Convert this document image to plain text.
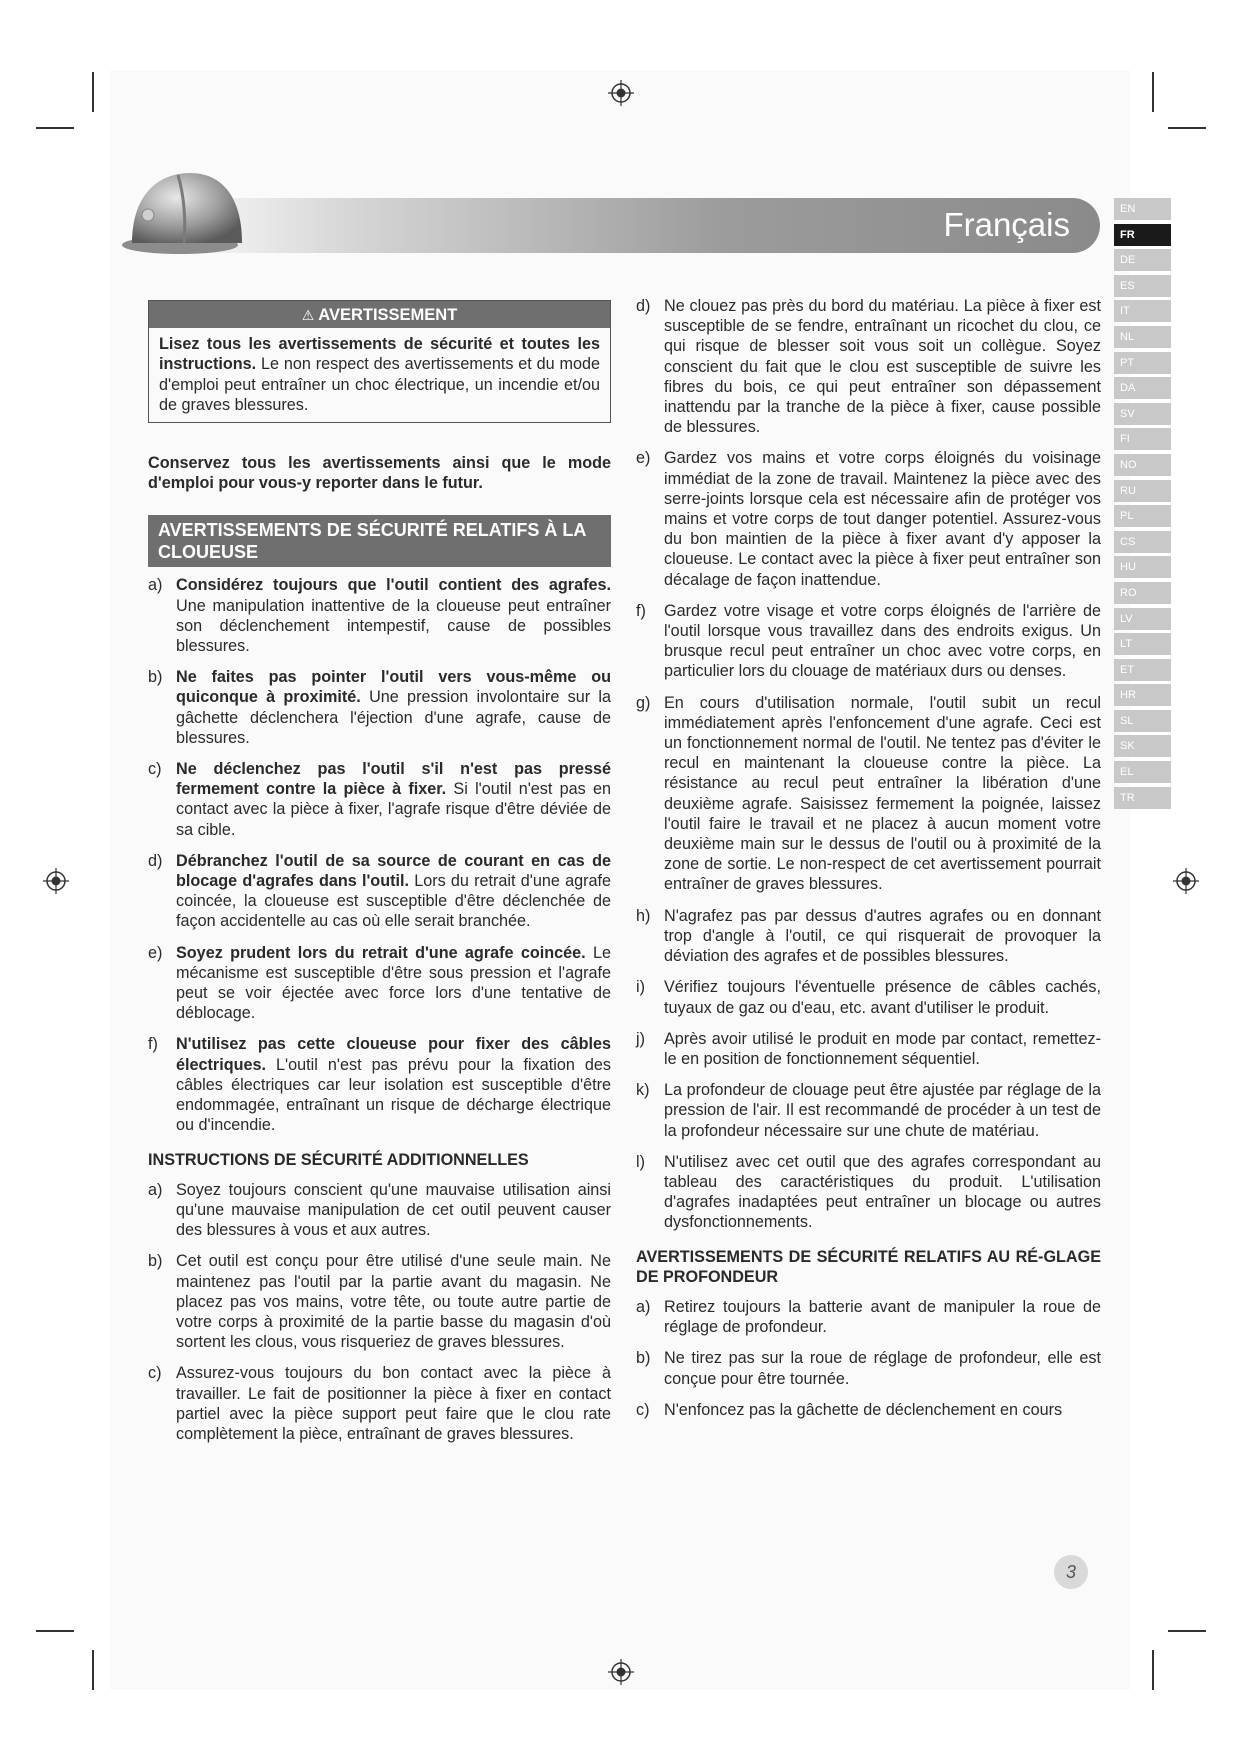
Français	EN
FR
DE
ES
IT
NL
PT
DA
SV
FI
NO
RU
PL
CS
HU
RO
LV
LT
ET
HR
SL
SK
EL
TR
⚠ AVERTISSEMENT
Lisez tous les avertissements de sécurité et toutes les instructions. Le non respect des avertissements et du mode d'emploi peut entraîner un choc électrique, un incendie et/ou de graves blessures.

Conservez tous les avertissements ainsi que le mode d'emploi pour vous-y reporter dans le futur.

AVERTISSEMENTS DE SÉCURITÉ RELATIFS À LA
CLOUEUSE

a) Considérez toujours que l'outil contient des agrafes. Une manipulation inattentive de la cloueuse peut entraîner son déclenchement intempestif, cause de possibles blessures.

b) Ne faites pas pointer l'outil vers vous-même ou quiconque à proximité. Une pression involontaire sur la gâchette déclenchera l'éjection d'une agrafe, cause de blessures.

c) Ne déclenchez pas l'outil s'il n'est pas pressé fermement contre la pièce à fixer. Si l'outil n'est pas en contact avec la pièce à fixer, l'agrafe risque d'être déviée de sa cible.

d) Débranchez l'outil de sa source de courant en cas de blocage d'agrafes dans l'outil. Lors du retrait d'une agrafe coincée, la cloueuse est susceptible d'être déclenchée de façon accidentelle au cas où elle serait branchée.

e) Soyez prudent lors du retrait d'une agrafe coincée. Le mécanisme est susceptible d'être sous pression et l'agrafe peut se voir éjectée avec force lors d'une tentative de déblocage.

f) N'utilisez pas cette cloueuse pour fixer des câbles électriques. L'outil n'est pas prévu pour la fixation des câbles électriques car leur isolation est susceptible d'être endommagée, entraînant un risque de décharge électrique ou d'incendie.

INSTRUCTIONS DE SÉCURITÉ ADDITIONNELLES

a) Soyez toujours conscient qu'une mauvaise utilisation ainsi qu'une mauvaise manipulation de cet outil peuvent causer des blessures à vous et aux autres.

b) Cet outil est conçu pour être utilisé d'une seule main. Ne maintenez pas l'outil par la partie avant du magasin. Ne placez pas vos mains, votre tête, ou toute autre partie de votre corps à proximité de la partie basse du magasin d'où sortent les clous, vous risqueriez de graves blessures.

c) Assurez-vous toujours du bon contact avec la pièce à travailler. Le fait de positionner la pièce à fixer en contact partiel avec la pièce support peut faire que le clou rate complètement la pièce, entraînant de graves blessures.

d) Ne clouez pas près du bord du matériau. La pièce à fixer est susceptible de se fendre, entraînant un ricochet du clou, ce qui risque de blesser soit vous soit un collègue. Soyez conscient du fait que le clou est susceptible de suivre les fibres du bois, ce qui peut entraîner son dépassement inattendu par la tranche de la pièce à fixer, cause possible de blessures.

e) Gardez vos mains et votre corps éloignés du voisinage immédiat de la zone de travail. Maintenez la pièce avec des serre-joints lorsque cela est nécessaire afin de protéger vos mains et votre corps de tout danger potentiel. Assurez-vous du bon maintien de la pièce à fixer avant d'y apposer la cloueuse. Le contact avec la pièce à fixer peut entraîner son décalage de façon inattendue.

f) Gardez votre visage et votre corps éloignés de l'arrière de l'outil lorsque vous travaillez dans des endroits exigus. Un brusque recul peut entraîner un choc avec votre corps, en particulier lors du clouage de matériaux durs ou denses.

g) En cours d'utilisation normale, l'outil subit un recul immédiatement après l'enfoncement d'une agrafe. Ceci est un fonctionnement normal de l'outil. Ne tentez pas d'éviter le recul en maintenant la cloueuse contre la pièce. La résistance au recul peut entraîner la libération d'une deuxième agrafe. Saisissez fermement la poignée, laissez l'outil faire le travail et ne placez à aucun moment votre deuxième main sur le dessus de l'outil ou à proximité de la zone de sortie. Le non-respect de cet avertissement pourrait entraîner de graves blessures.

h) N'agrafez pas par dessus d'autres agrafes ou en donnant trop d'angle à l'outil, ce qui risquerait de provoquer la déviation des agrafes et de possibles blessures.

i) Vérifiez toujours l'éventuelle présence de câbles cachés, tuyaux de gaz ou d'eau, etc. avant d'utiliser le produit.

j) Après avoir utilisé le produit en mode par contact, remettez-le en position de fonctionnement séquentiel.

k) La profondeur de clouage peut être ajustée par réglage de la pression de l'air. Il est recommandé de procéder à un test de la profondeur nécessaire sur une chute de matériau.

l) N'utilisez avec cet outil que des agrafes correspondant au tableau des caractéristiques du produit. L'utilisation d'agrafes inadaptées peut entraîner un blocage ou autres dysfonctionnements.

AVERTISSEMENTS DE SÉCURITÉ RELATIFS AU RÉ-GLAGE DE PROFONDEUR

a) Retirez toujours la batterie avant de manipuler la roue de réglage de profondeur.

b) Ne tirez pas sur la roue de réglage de profondeur, elle est conçue pour être tournée.

c) N'enfoncez pas la gâchette de déclenchement en cours

3
